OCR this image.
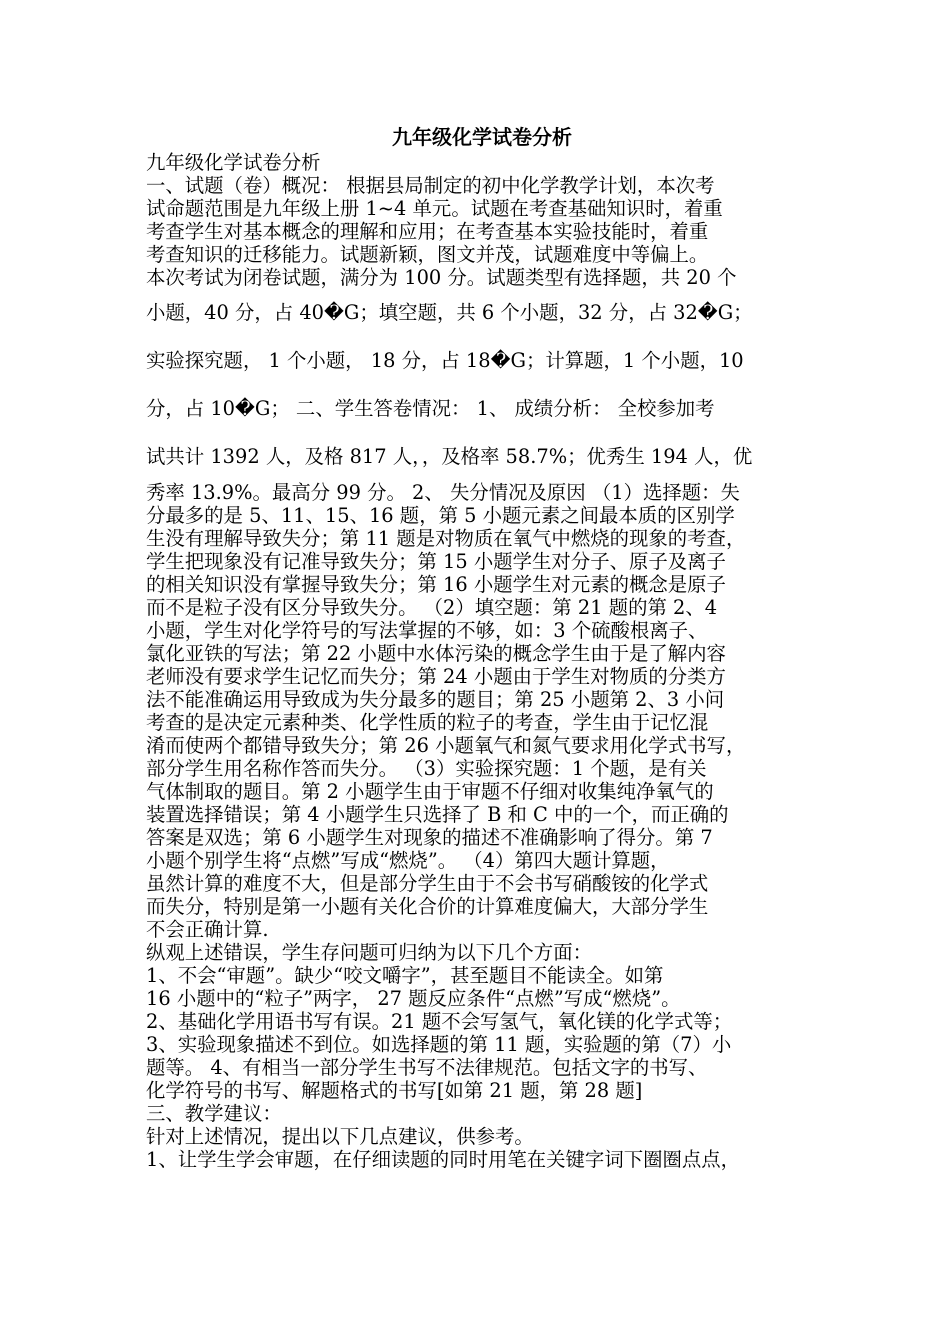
九年级化学试卷分析

九年级化学试卷分析

一、试题（卷）概况： 根据县局制定的初中化学教学计划，本次考

试命题范围是九年级上册 1~4 单元。试题在考查基础知识时，着重

考查学生对基本概念的理解和应用；在考查基本实验技能时，着重

考查知识的迁移能力。试题新颖，图文并茂，试题难度中等偏上。

本次考试为闭卷试题，满分为 100 分。试题类型有选择题，共 20 个

小题，40 分，占 40�G；填空题，共 6 个小题，32 分，占 32�G；

实验探究题， 1 个小题， 18 分，占 18�G；计算题，1 个小题，10

分，占 10�G； 二、学生答卷情况： 1、 成绩分析： 全校参加考

试共计 1392 人，及格 817 人，，及格率 58.7%；优秀生 194 人，优

秀率 13.9%。最高分 99 分。 2、 失分情况及原因 （1）选择题：失

分最多的是 5、11、15、16 题，第 5 小题元素之间最本质的区别学

生没有理解导致失分；第 11 题是对物质在氧气中燃烧的现象的考查，

学生把现象没有记准导致失分；第 15 小题学生对分子、原子及离子

的相关知识没有掌握导致失分；第 16 小题学生对元素的概念是原子

而不是粒子没有区分导致失分。 （2）填空题：第 21 题的第 2、4

小题，学生对化学符号的写法掌握的不够，如：3 个硫酸根离子、

氯化亚铁的写法；第 22 小题中水体污染的概念学生由于是了解内容

老师没有要求学生记忆而失分；第 24 小题由于学生对物质的分类方

法不能准确运用导致成为失分最多的题目；第 25 小题第 2、3 小问

考查的是决定元素种类、化学性质的粒子的考查，学生由于记忆混

淆而使两个都错导致失分；第 26 小题氧气和氮气要求用化学式书写，

部分学生用名称作答而失分。 （3）实验探究题：1 个题，是有关

气体制取的题目。第 2 小题学生由于审题不仔细对收集纯净氧气的

装置选择错误；第 4 小题学生只选择了 B 和 C 中的一个，而正确的

答案是双选；第 6 小题学生对现象的描述不准确影响了得分。第 7

小题个别学生将“点燃”写成“燃烧”。 （4）第四大题计算题，

虽然计算的难度不大，但是部分学生由于不会书写硝酸铵的化学式

而失分，特别是第一小题有关化合价的计算难度偏大，大部分学生

不会正确计算.

纵观上述错误，学生存问题可归纳为以下几个方面：

1、不会“审题”。缺少“咬文嚼字”，甚至题目不能读全。如第

16 小题中的“粒子”两字， 27 题反应条件“点燃”写成“燃烧”。

2、基础化学用语书写有误。21 题不会写氢气，氧化镁的化学式等；

3、实验现象描述不到位。如选择题的第 11 题，实验题的第（7）小

题等。 4、有相当一部分学生书写不法律规范。包括文字的书写、

化学符号的书写、解题格式的书写[如第 21 题，第 28 题]

三、教学建议：

针对上述情况，提出以下几点建议，供参考。

1、让学生学会审题，在仔细读题的同时用笔在关键字词下圈圈点点，
